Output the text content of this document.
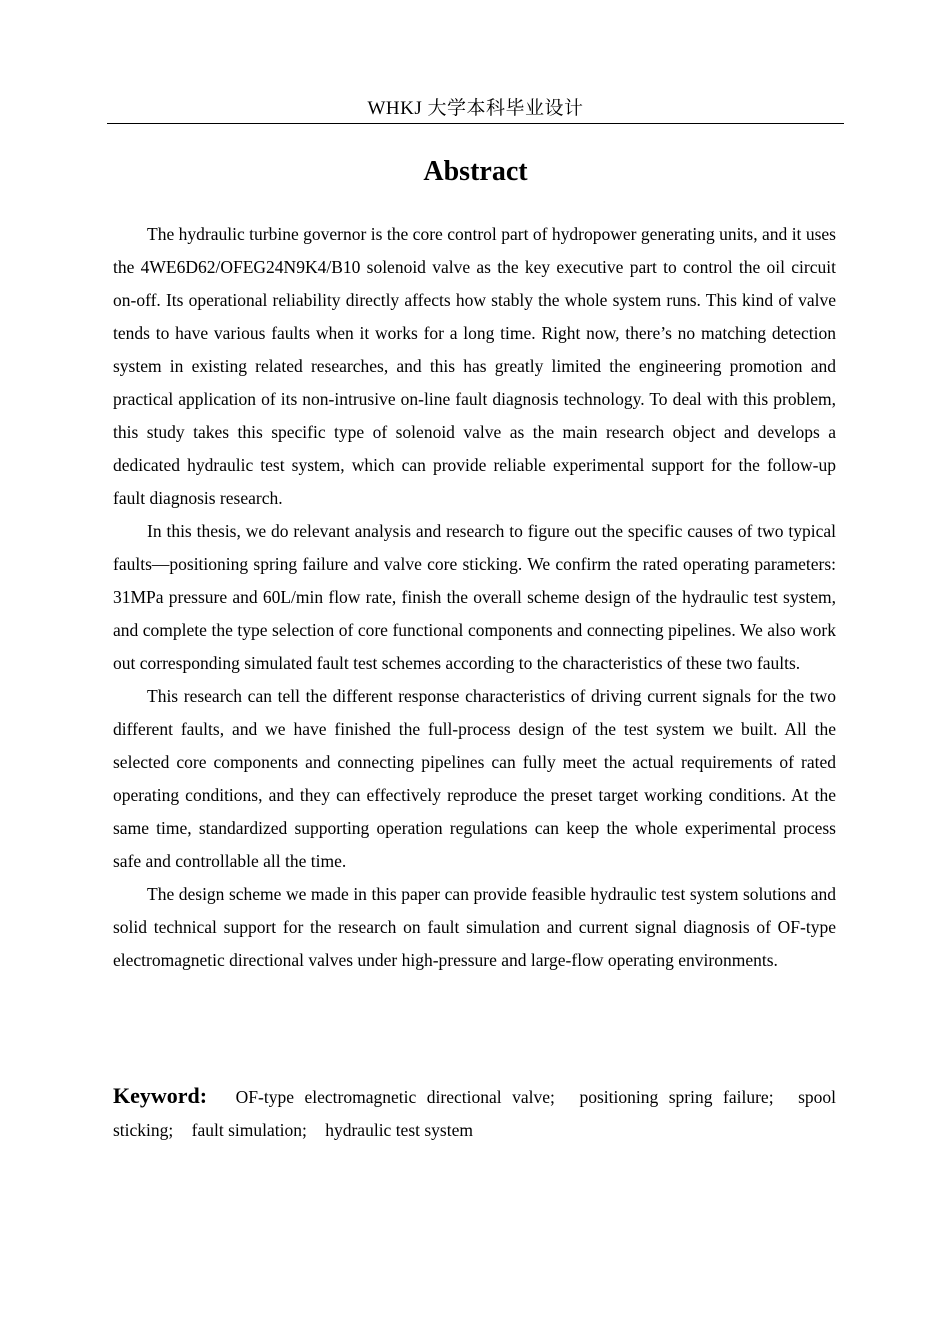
WHKJ 大学本科毕业设计
Abstract

The hydraulic turbine governor is the core control part of hydropower generating units, and it uses the 4WE6D62/OFEG24N9K4/B10 solenoid valve as the key executive part to control the oil circuit on-off. Its operational reliability directly affects how stably the whole system runs. This kind of valve tends to have various faults when it works for a long time. Right now, there’s no matching detection system in existing related researches, and this has greatly limited the engineering promotion and practical application of its non-intrusive on-line fault diagnosis technology. To deal with this problem, this study takes this specific type of solenoid valve as the main research object and develops a dedicated hydraulic test system, which can provide reliable experimental support for the follow-up fault diagnosis research.

In this thesis, we do relevant analysis and research to figure out the specific causes of two typical faults—positioning spring failure and valve core sticking. We confirm the rated operating parameters: 31MPa pressure and 60L/min flow rate, finish the overall scheme design of the hydraulic test system, and complete the type selection of core functional components and connecting pipelines. We also work out corresponding simulated fault test schemes according to the characteristics of these two faults.

This research can tell the different response characteristics of driving current signals for the two different faults, and we have finished the full-process design of the test system we built. All the selected core components and connecting pipelines can fully meet the actual requirements of rated operating conditions, and they can effectively reproduce the preset target working conditions. At the same time, standardized supporting operation regulations can keep the whole experimental process safe and controllable all the time.

The design scheme we made in this paper can provide feasible hydraulic test system solutions and solid technical support for the research on fault simulation and current signal diagnosis of OF-type electromagnetic directional valves under high-pressure and large-flow operating environments.

Keyword: OF-type electromagnetic directional valve; positioning spring failure; spool sticking; fault simulation; hydraulic test system
